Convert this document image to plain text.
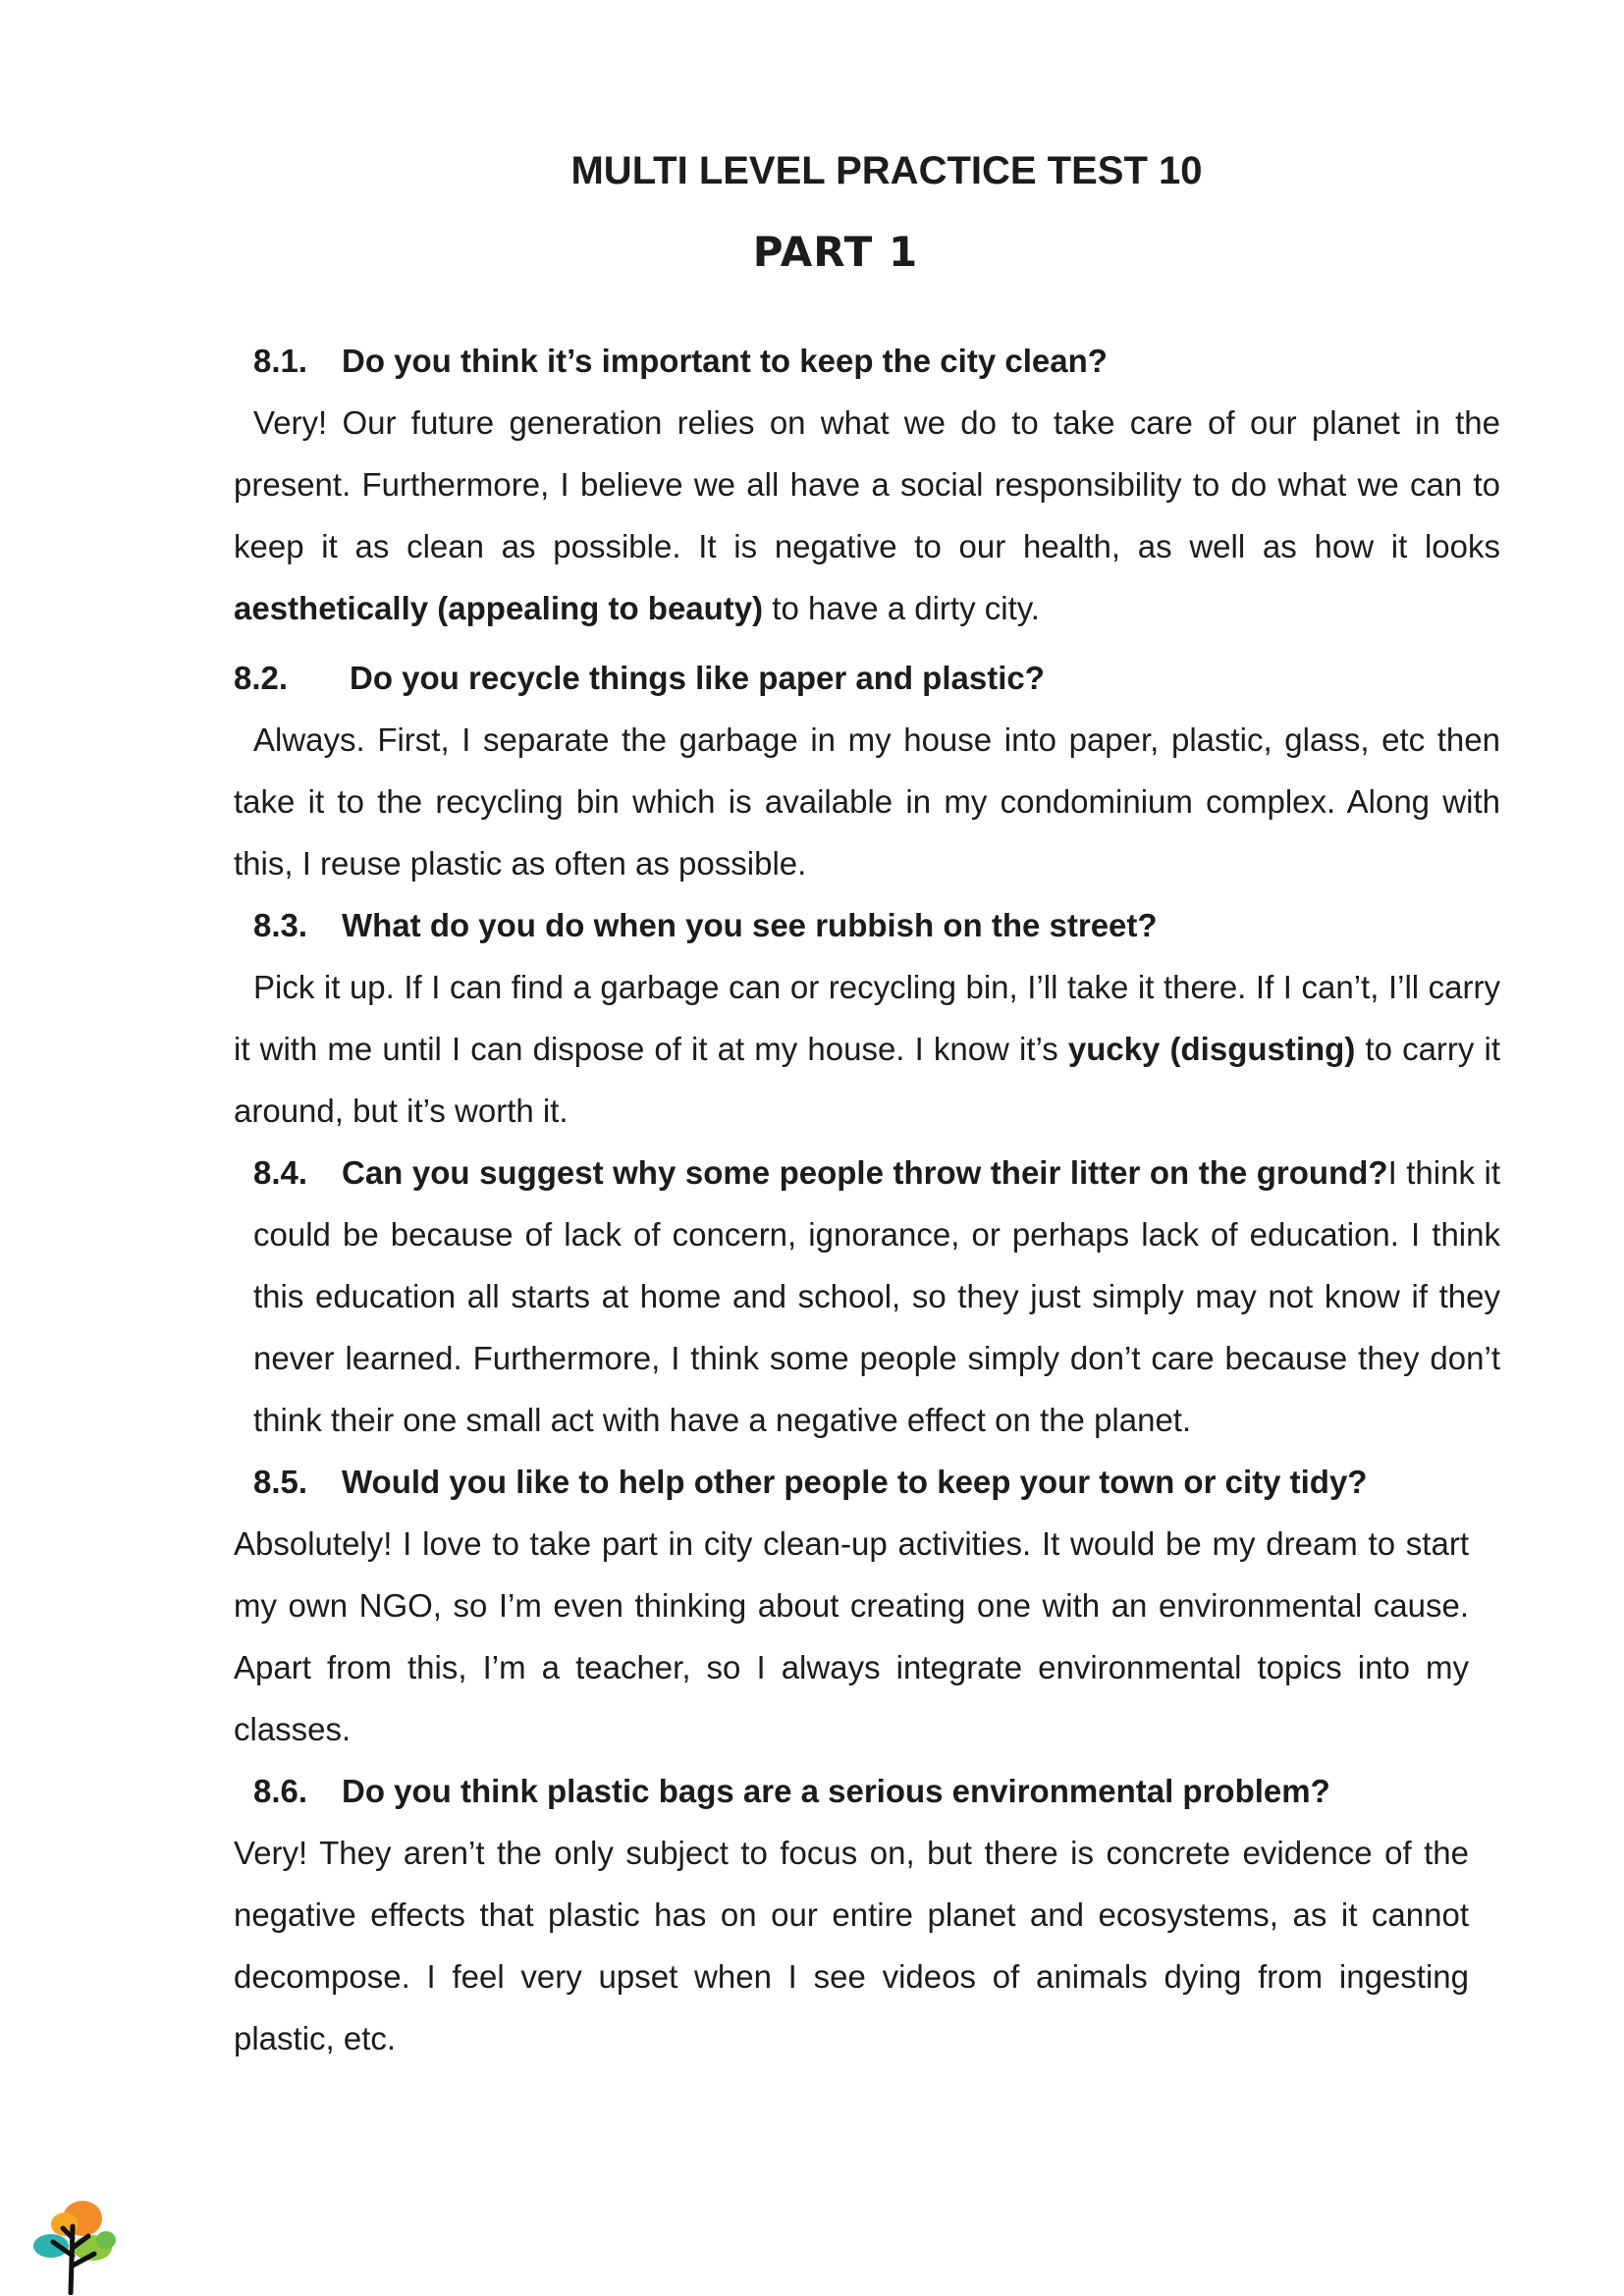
MULTI LEVEL PRACTICE TEST 10
PART 1

8.1. Do you think it’s important to keep the city clean?

Very! Our future generation relies on what we do to take care of our planet in the present. Furthermore, I believe we all have a social responsibility to do what we can to keep it as clean as possible. It is negative to our health, as well as how it looks aesthetically (appealing to beauty) to have a dirty city.

8.2. Do you recycle things like paper and plastic?

Always. First, I separate the garbage in my house into paper, plastic, glass, etc then take it to the recycling bin which is available in my condominium complex. Along with this, I reuse plastic as often as possible.

8.3. What do you do when you see rubbish on the street?

Pick it up. If I can find a garbage can or recycling bin, I’ll take it there. If I can’t, I’ll carry it with me until I can dispose of it at my house. I know it’s yucky (disgusting) to carry it around, but it’s worth it.

8.4. Can you suggest why some people throw their litter on the ground?I think it could be because of lack of concern, ignorance, or perhaps lack of education. I think this education all starts at home and school, so they just simply may not know if they never learned. Furthermore, I think some people simply don’t care because they don’t think their one small act with have a negative effect on the planet.

8.5. Would you like to help other people to keep your town or city tidy?

Absolutely! I love to take part in city clean-up activities. It would be my dream to start my own NGO, so I’m even thinking about creating one with an environmental cause. Apart from this, I’m a teacher, so I always integrate environmental topics into my classes.

8.6. Do you think plastic bags are a serious environmental problem?

Very! They aren’t the only subject to focus on, but there is concrete evidence of the negative effects that plastic has on our entire planet and ecosystems, as it cannot decompose. I feel very upset when I see videos of animals dying from ingesting plastic, etc.
